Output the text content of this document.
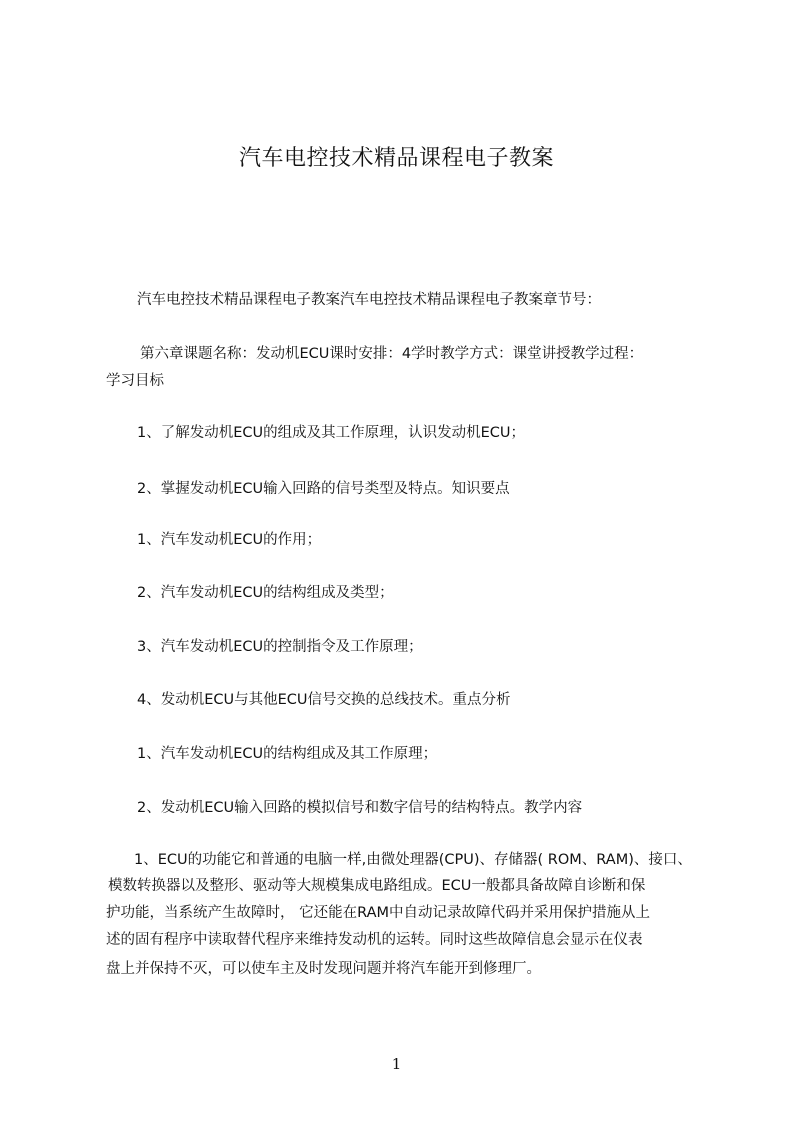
汽车电控技术精品课程电子教案
汽车电控技术精品课程电子教案汽车电控技术精品课程电子教案章节号：
第六章课题名称：发动机ECU课时安排：4学时教学方式：课堂讲授教学过程：
学习目标
1、了解发动机ECU的组成及其工作原理，认识发动机ECU；
2、掌握发动机ECU输入回路的信号类型及特点。知识要点
1、汽车发动机ECU的作用；
2、汽车发动机ECU的结构组成及类型；
3、汽车发动机ECU的控制指令及工作原理；
4、发动机ECU与其他ECU信号交换的总线技术。重点分析
1、汽车发动机ECU的结构组成及其工作原理；
2、发动机ECU输入回路的模拟信号和数字信号的结构特点。教学内容
1、ECU的功能它和普通的电脑一样,由微处理器(CPU)、存储器( ROM、RAM)、接口、
模数转换器以及整形、驱动等大规模集成电路组成。ECU一般都具备故障自诊断和保
护功能，当系统产生故障时， 它还能在RAM中自动记录故障代码并采用保护措施从上
述的固有程序中读取替代程序来维持发动机的运转。同时这些故障信息会显示在仪表
盘上并保持不灭，可以使车主及时发现问题并将汽车能开到修理厂。
1
